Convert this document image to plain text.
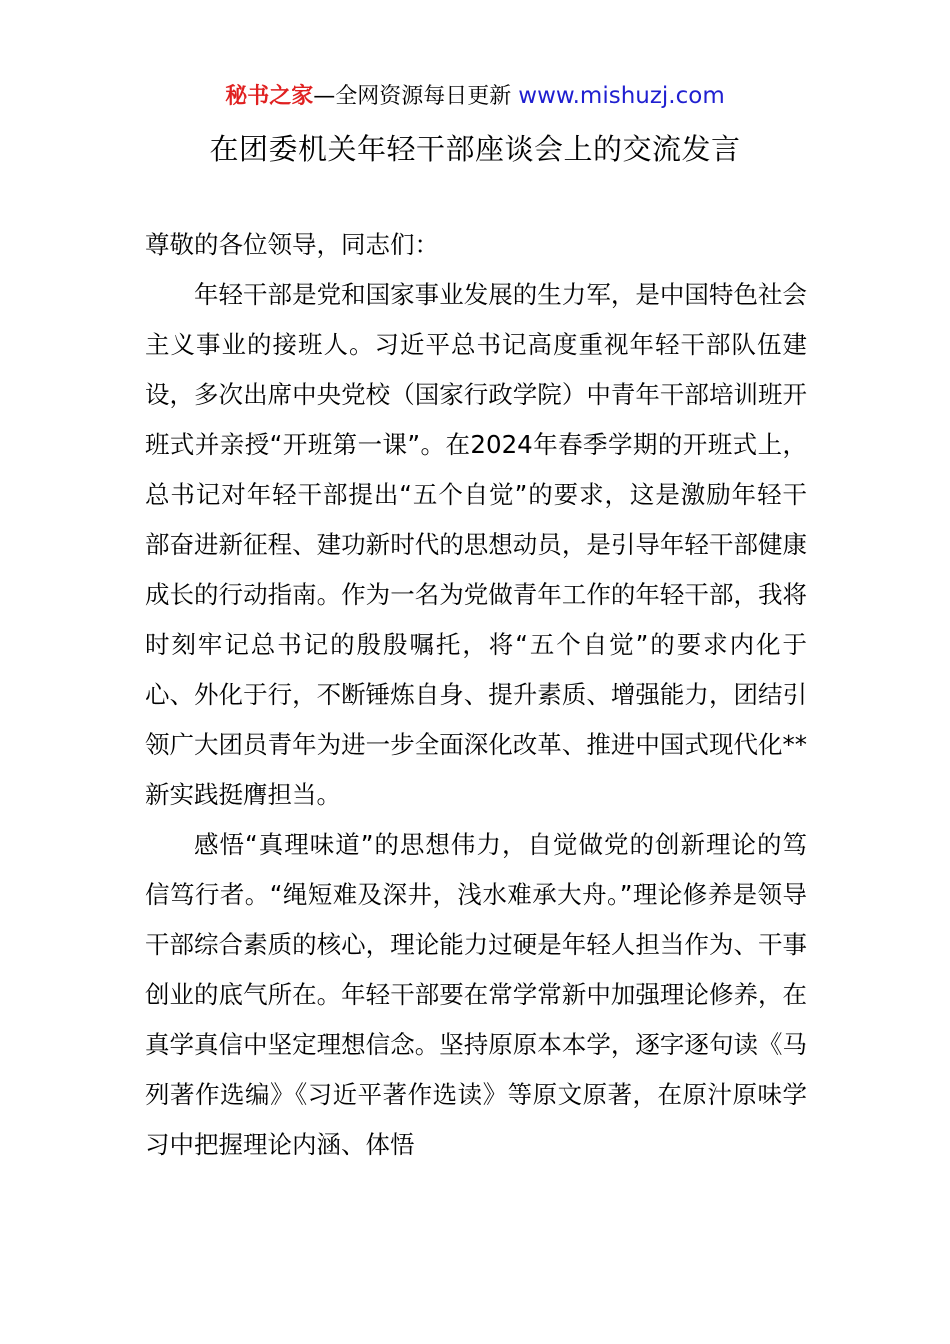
秘书之家—全网资源每日更新 www.mishuzj.com
在团委机关年轻干部座谈会上的交流发言

尊敬的各位领导，同志们：

年轻干部是党和国家事业发展的生力军，是中国特色社会主义事业的接班人。习近平总书记高度重视年轻干部队伍建设，多次出席中央党校（国家行政学院）中青年干部培训班开班式并亲授“开班第一课”。在2024年春季学期的开班式上，总书记对年轻干部提出“五个自觉”的要求，这是激励年轻干部奋进新征程、建功新时代的思想动员，是引导年轻干部健康成长的行动指南。作为一名为党做青年工作的年轻干部，我将时刻牢记总书记的殷殷嘱托，将“五个自觉”的要求内化于心、外化于行，不断锤炼自身、提升素质、增强能力，团结引领广大团员青年为进一步全面深化改革、推进中国式现代化**新实践挺膺担当。

感悟“真理味道”的思想伟力，自觉做党的创新理论的笃信笃行者。“绳短难及深井，浅水难承大舟。”理论修养是领导干部综合素质的核心，理论能力过硬是年轻人担当作为、干事创业的底气所在。年轻干部要在常学常新中加强理论修养，在真学真信中坚定理想信念。坚持原原本本学，逐字逐句读《马列著作选编》《习近平著作选读》等原文原著，在原汁原味学习中把握理论内涵、体悟
